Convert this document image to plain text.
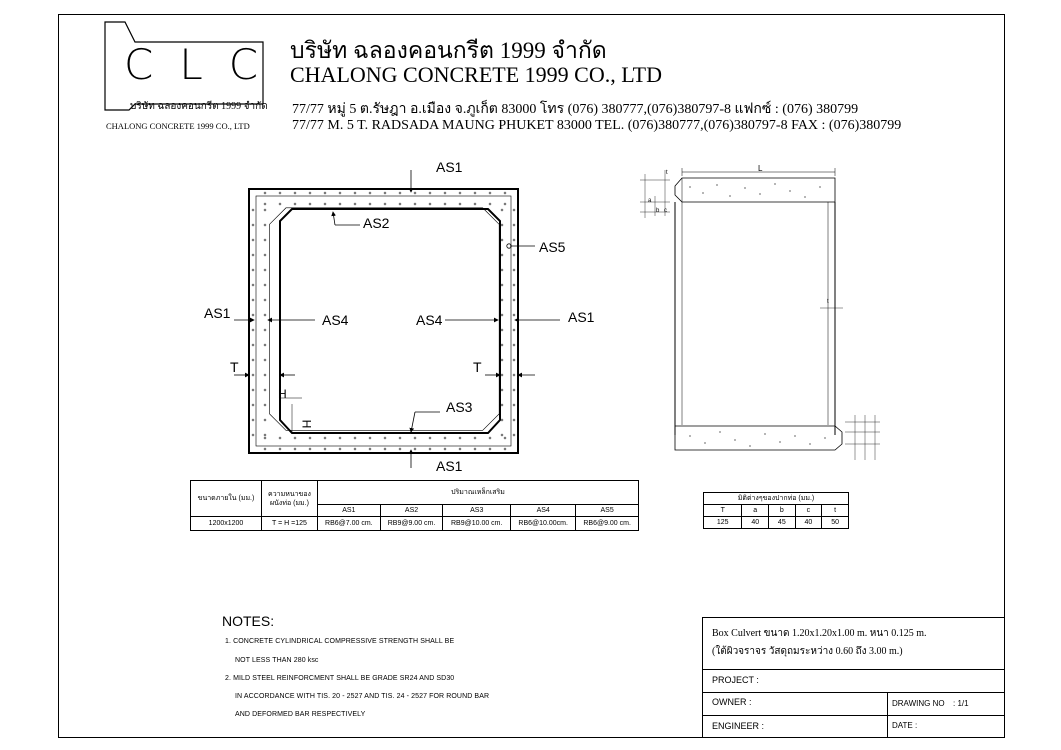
CLC
บริษัท ฉลองคอนกรีต 1999 จำกัด
CHALONG CONCRETE 1999 CO., LTD
บริษัท ฉลองคอนกรีต 1999 จำกัด
CHALONG CONCRETE 1999 CO., LTD
77/77 หมู่ 5 ต.รัษฎา อ.เมือง จ.ภูเก็ต 83000 โทร (076) 380777,(076)380797-8 แฟกซ์ : (076) 380799
77/77 M. 5 T. RADSADA MAUNG PHUKET 83000 TEL. (076)380777,(076)380797-8 FAX : (076)380799
AS1
AS2
AS5
AS1	AS4	AS4	AS1
T	T
H
H
AS3
AS1
L
t
t
a
b c
ขนาดภายใน (มม.)	ความหนาของ ผนังท่อ (มม.)	ปริมาณเหล็กเสริม				
		AS1	AS2	AS3	AS4	AS5
1200x1200	T = H =125	RB6@7.00 cm.	RB9@9.00 cm.	RB9@10.00 cm.	RB6@10.00cm.	RB6@9.00 cm.
มิติต่างๆของปากท่อ (มม.)				
T	a	b	c	t
125	40	45	40	50
NOTES:
1. CONCRETE CYLINDRICAL COMPRESSIVE STRENGTH SHALL BE
NOT LESS THAN 280 ksc
2. MILD STEEL REINFORCMENT SHALL BE GRADE SR24 AND SD30
IN ACCORDANCE WITH TIS. 20 - 2527 AND TIS. 24 - 2527 FOR ROUND BAR
AND DEFORMED BAR RESPECTIVELY
Box Culvert ขนาด 1.20x1.20x1.00 m. หนา 0.125 m.
(ใต้ผิวจราจร วัสดุถมระหว่าง 0.60 ถึง 3.00 m.)
PROJECT :
OWNER :	DRAWING NO : 1/1
ENGINEER :	DATE :
